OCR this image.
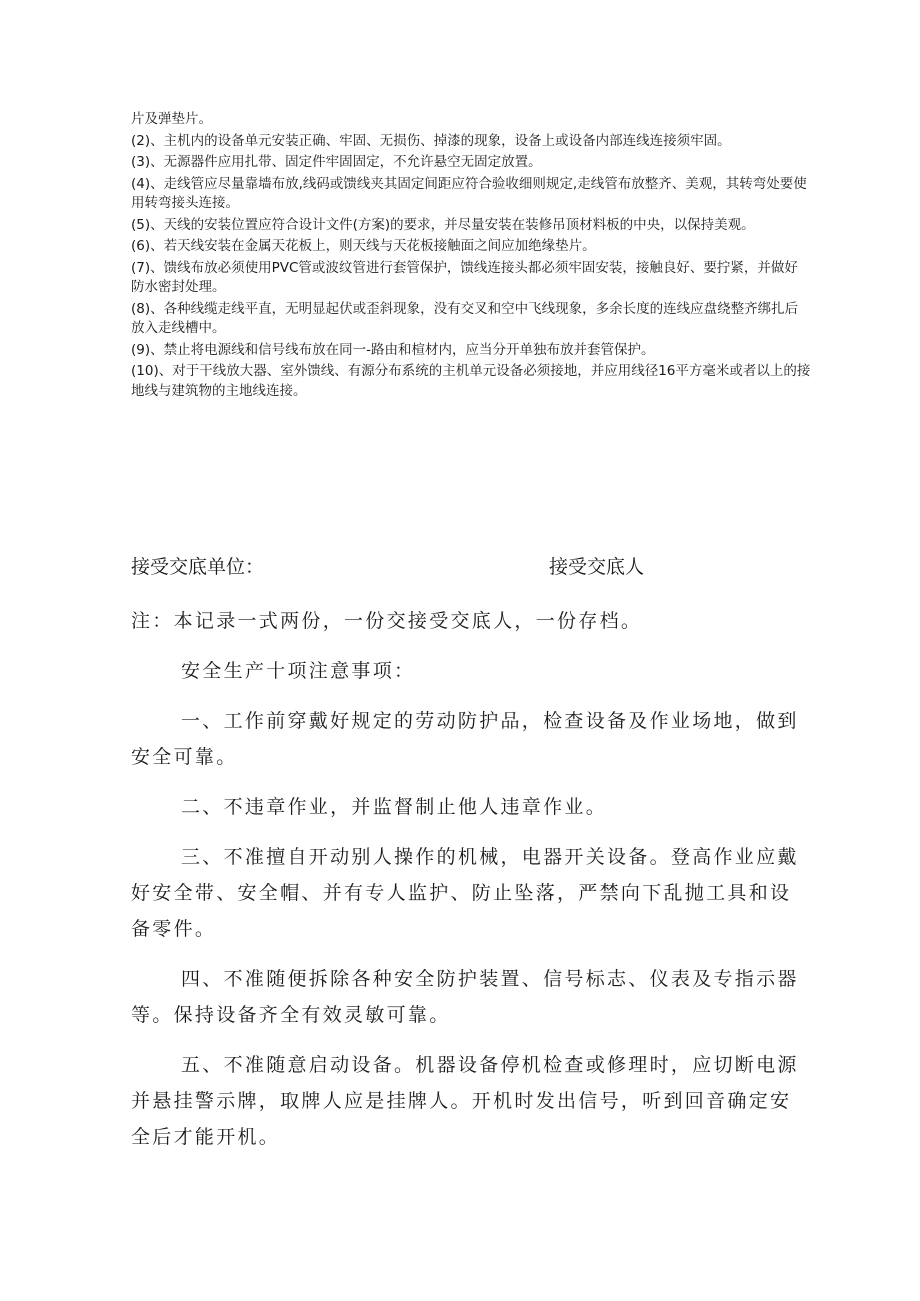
片及弹垫片。

(2)、主机内的设备单元安装正确、牢固、无损伤、掉漆的现象，设备上或设备内部连线连接须牢固。

(3)、无源器件应用扎带、固定件牢固固定，不允许悬空无固定放置。

(4)、走线管应尽量靠墙布放,线码或馈线夹其固定间距应符合验收细则规定,走线管布放整齐、美观，其转弯处要使用转弯接头连接。

(5)、天线的安装位置应符合设计文件(方案)的要求，并尽量安装在装修吊顶材料板的中央，以保持美观。

(6)、若天线安装在金属天花板上，则天线与天花板接触面之间应加绝缘垫片。

(7)、馈线布放必须使用PVC管或波纹管进行套管保护，馈线连接头都必须牢固安装，接触良好、要拧紧，并做好防水密封处理。

(8)、各种线缆走线平直，无明显起伏或歪斜现象，没有交叉和空中飞线现象，多余长度的连线应盘绕整齐绑扎后放入走线槽中。

(9)、禁止将电源线和信号线布放在同一-路由和楦材内，应当分开单独布放并套管保护。

(10)、对于干线放大器、室外馈线、有源分布系统的主机单元设备必须接地，并应用线径16平方毫米或者以上的接地线与建筑物的主地线连接。

接受交底单位：	接受交底人

注：本记录一式两份，一份交接受交底人，一份存档。

安全生产十项注意事项：

一、工作前穿戴好规定的劳动防护品，检查设备及作业场地，做到安全可靠。

二、不违章作业，并监督制止他人违章作业。

三、不准擅自开动别人操作的机械，电器开关设备。登高作业应戴好安全带、安全帽、并有专人监护、防止坠落，严禁向下乱抛工具和设备零件。

四、不准随便拆除各种安全防护装置、信号标志、仪表及专指示器等。保持设备齐全有效灵敏可靠。

五、不准随意启动设备。机器设备停机检查或修理时，应切断电源并悬挂警示牌，取牌人应是挂牌人。开机时发出信号，听到回音确定安全后才能开机。
